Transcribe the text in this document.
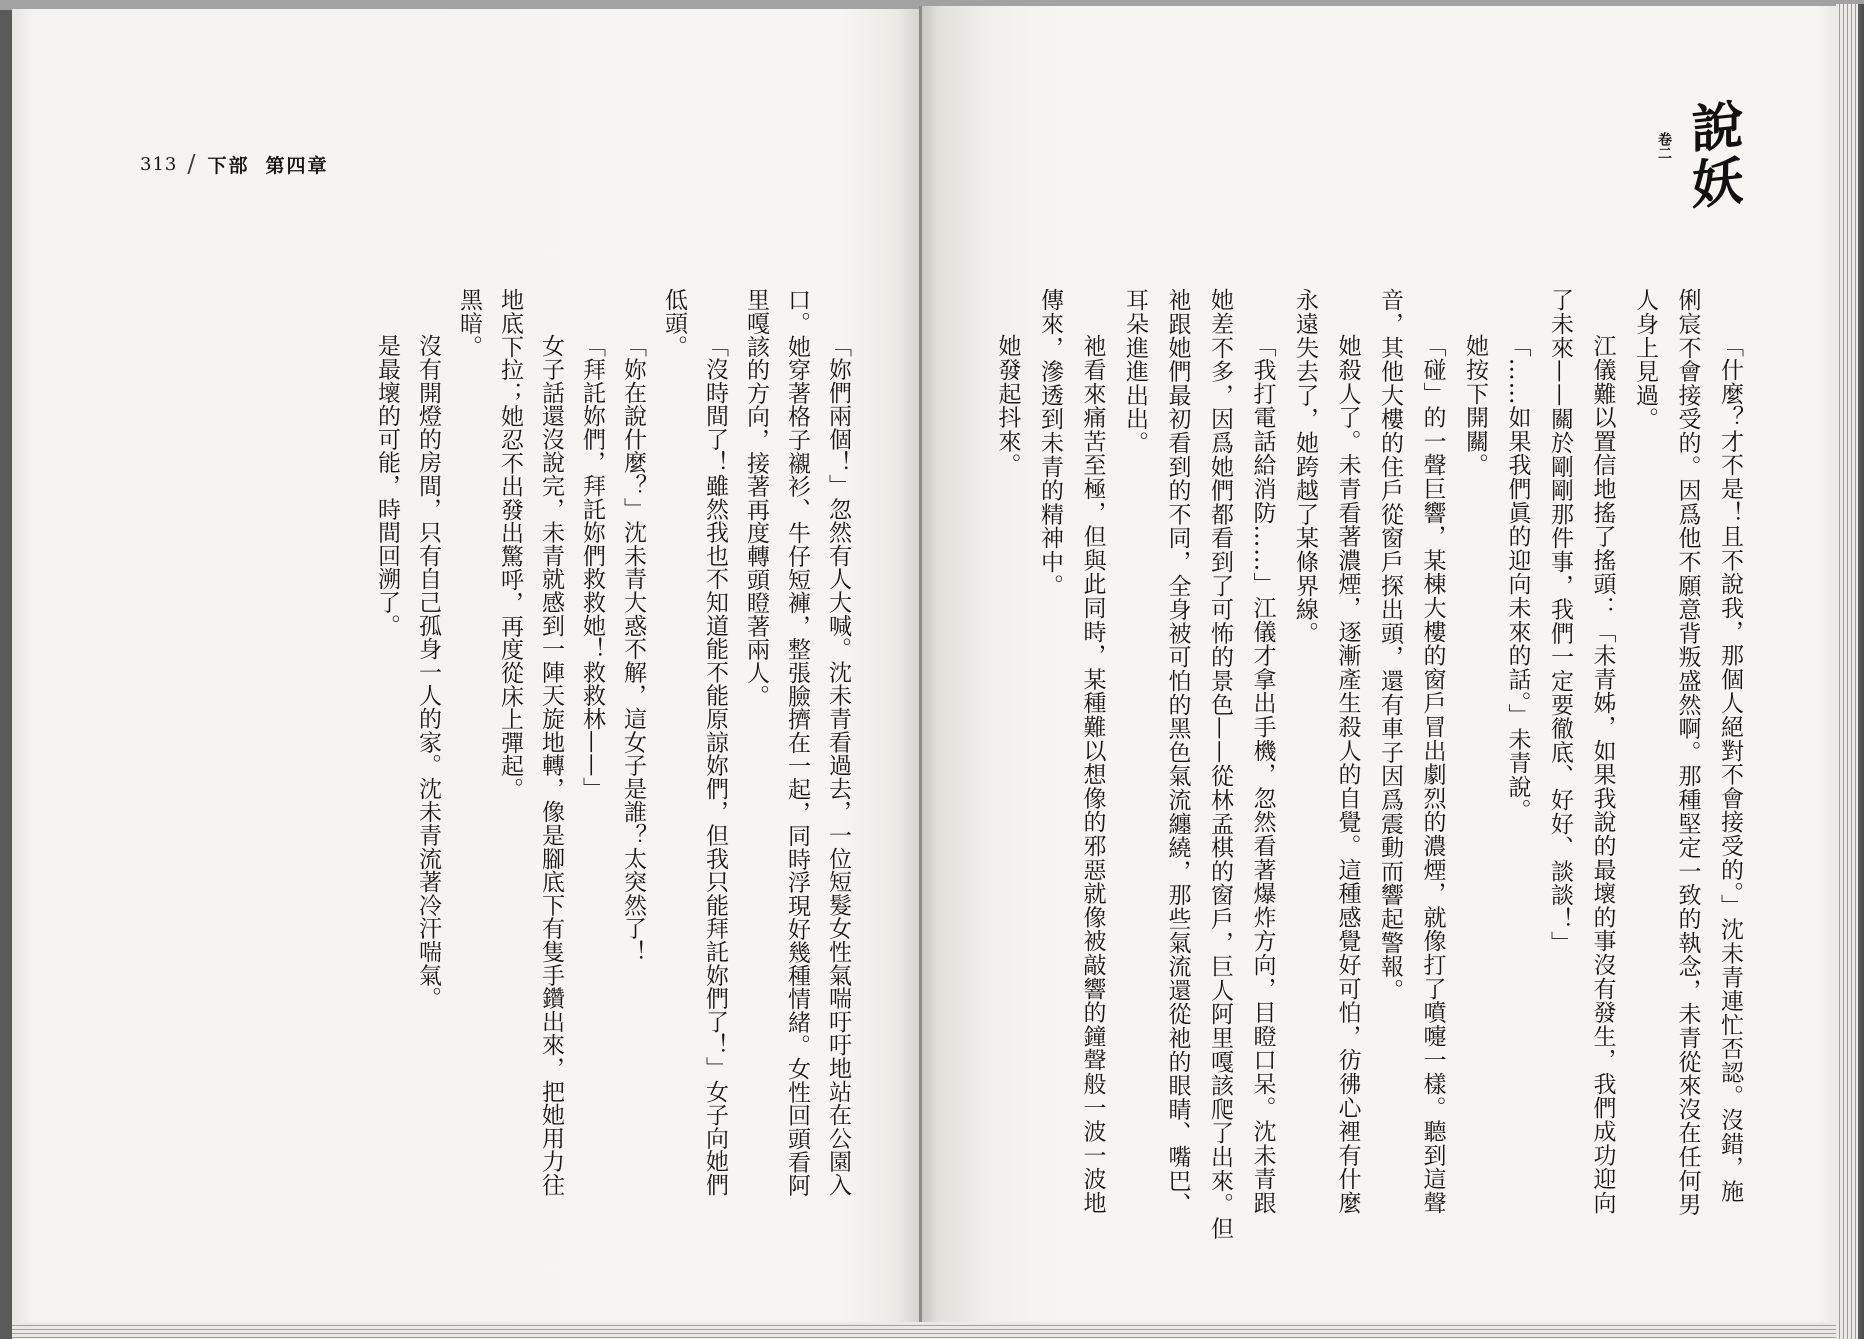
313 / 下部 第四章	說妖
卷二
「什麼？才不是！且不說我，那個人絕對不會接受的。」沈未青連忙否認。沒錯，施
俐宸不會接受的。因爲他不願意背叛盛然啊。那種堅定一致的執念，未青從來沒在任何男
人身上見過。
江儀難以置信地搖了搖頭：「未青姊，如果我說的最壞的事沒有發生，我們成功迎向
了未來——關於剛剛那件事，我們一定要徹底、好好、談談！」
「……如果我們眞的迎向未來的話。」未青說。
她按下開關。
「碰」的一聲巨響，某棟大樓的窗戶冒出劇烈的濃煙，就像打了噴嚏一樣。聽到這聲
音，其他大樓的住戶從窗戶探出頭，還有車子因爲震動而響起警報。
她殺人了。未青看著濃煙，逐漸產生殺人的自覺。這種感覺好可怕，彷彿心裡有什麼
永遠失去了，她跨越了某條界線。
「我打電話給消防……」江儀才拿出手機，忽然看著爆炸方向，目瞪口呆。沈未青跟
她差不多，因爲她們都看到了可怖的景色——從林孟棋的窗戶，巨人阿里嘎該爬了出來。但
祂跟她們最初看到的不同，全身被可怕的黑色氣流纏繞，那些氣流還從祂的眼睛、嘴巴、
耳朵進進出出。
祂看來痛苦至極，但與此同時，某種難以想像的邪惡就像被敲響的鐘聲般一波一波地
傳來，滲透到未青的精神中。
她發起抖來。
「妳們兩個！」忽然有人大喊。沈未青看過去，一位短髮女性氣喘吁吁地站在公園入
口。她穿著格子襯衫、牛仔短褲，整張臉擠在一起，同時浮現好幾種情緒。女性回頭看阿
里嘎該的方向，接著再度轉頭瞪著兩人。
「沒時間了！雖然我也不知道能不能原諒妳們，但我只能拜託妳們了！」女子向她們
低頭。
「妳在說什麼？」沈未青大惑不解，這女子是誰？太突然了！
「拜託妳們，拜託妳們救救她！救救林——」
女子話還沒說完，未青就感到一陣天旋地轉，像是腳底下有隻手鑽出來，把她用力往
地底下拉；她忍不出發出驚呼，再度從床上彈起。
黑暗。
沒有開燈的房間，只有自己孤身一人的家。沈未青流著冷汗喘氣。
是最壞的可能，時間回溯了。
